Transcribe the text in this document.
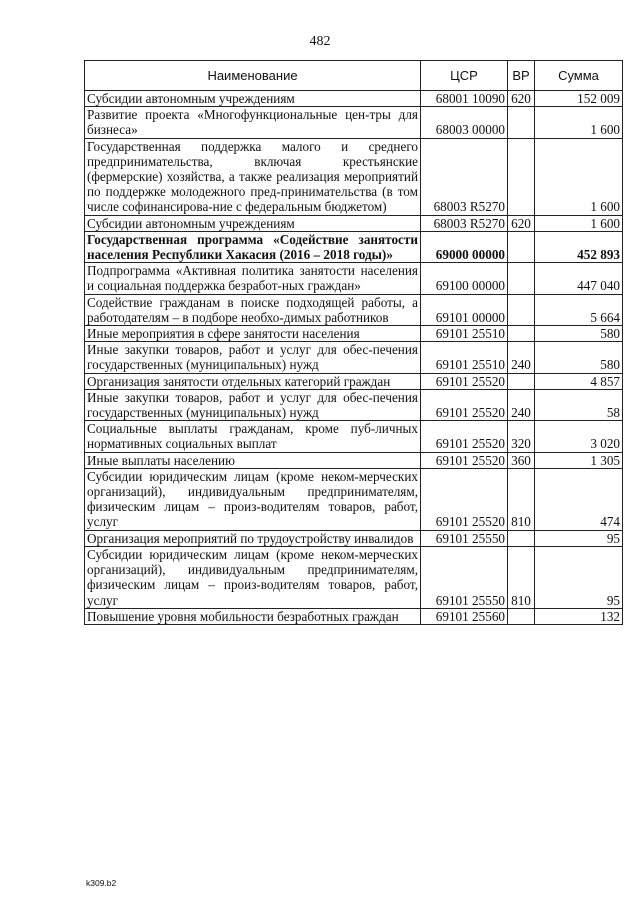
482
Наименование	ЦСР	ВР	Сумма
Субсидии автономным учреждениям	68001 10090	620	152 009
Развитие проекта «Многофункциональные цен-тры для бизнеса»	68003 00000		1 600
Государственная поддержка малого и среднего предпринимательства, включая крестьянские (фермерские) хозяйства, а также реализация мероприятий по поддержке молодежного пред-принимательства (в том числе софинансирова-ние с федеральным бюджетом)	68003 R5270		1 600
Субсидии автономным учреждениям	68003 R5270	620	1 600
Государственная программа «Содействие занятости населения Республики Хакасия (2016 – 2018 годы)»	69000 00000		452 893
Подпрограмма «Активная политика занятости населения и социальная поддержка безработ-ных граждан»	69100 00000		447 040
Содействие гражданам в поиске подходящей работы, а работодателям – в подборе необхо-димых работников	69101 00000		5 664
Иные мероприятия в сфере занятости населения	69101 25510		580
Иные закупки товаров, работ и услуг для обес-печения государственных (муниципальных) нужд	69101 25510	240	580
Организация занятости отдельных категорий граждан	69101 25520		4 857
Иные закупки товаров, работ и услуг для обес-печения государственных (муниципальных) нужд	69101 25520	240	58
Социальные выплаты гражданам, кроме пуб-личных нормативных социальных выплат	69101 25520	320	3 020
Иные выплаты населению	69101 25520	360	1 305
Субсидии юридическим лицам (кроме неком-мерческих организаций), индивидуальным предпринимателям, физическим лицам – произ-водителям товаров, работ, услуг	69101 25520	810	474
Организация мероприятий по трудоустройству инвалидов	69101 25550		95
Субсидии юридическим лицам (кроме неком-мерческих организаций), индивидуальным предпринимателям, физическим лицам – произ-водителям товаров, работ, услуг	69101 25550	810	95
Повышение уровня мобильности безработных граждан	69101 25560		132
k309.b2
